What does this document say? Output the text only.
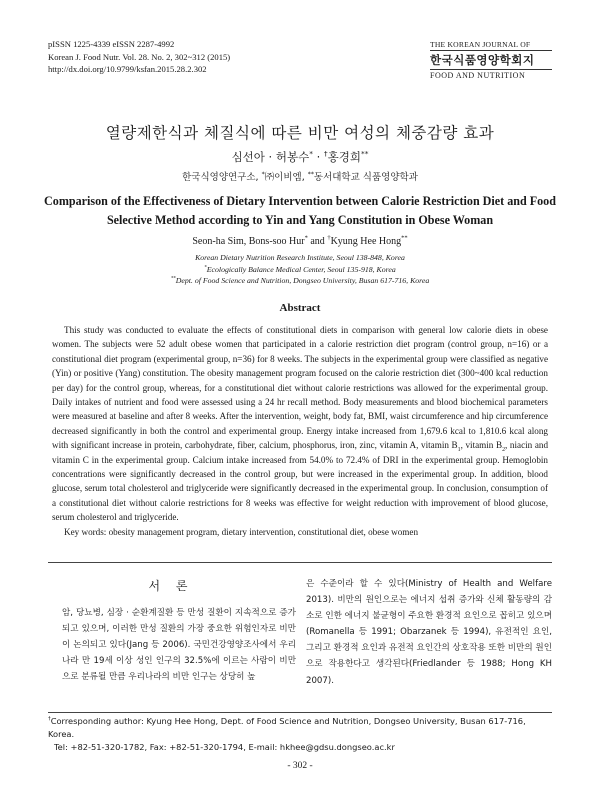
pISSN 1225-4339 eISSN 2287-4992
Korean J. Food Nutr. Vol. 28. No. 2, 302~312 (2015)
http://dx.doi.org/10.9799/ksfan.2015.28.2.302
THE KOREAN JOURNAL OF
한국식품영양학회지
FOOD AND NUTRITION
열량제한식과 체질식에 따른 비만 여성의 체중감량 효과
심선아 · 허봉수* · †홍경희**
한국식영양연구소, *㈜이비엠, **동서대학교 식품영양학과
Comparison of the Effectiveness of Dietary Intervention between Calorie Restriction Diet and Food Selective Method according to Yin and Yang Constitution in Obese Woman
Seon-ha Sim, Bons-soo Hur* and †Kyung Hee Hong**
Korean Dietary Nutrition Research Institute, Seoul 138-848, Korea
*Ecologically Balance Medical Center, Seoul 135-918, Korea
**Dept. of Food Science and Nutrition, Dongseo University, Busan 617-716, Korea
Abstract

This study was conducted to evaluate the effects of constitutional diets in comparison with general low calorie diets in obese women. The subjects were 52 adult obese women that participated in a calorie restriction diet program (control group, n=16) or a constitutional diet program (experimental group, n=36) for 8 weeks. The subjects in the experimental group were classified as negative (Yin) or positive (Yang) constitution. The obesity management program focused on the calorie restriction diet (300~400 kcal reduction per day) for the control group, whereas, for a constitutional diet without calorie restrictions was allowed for the experimental group. Daily intakes of nutrient and food were assessed using a 24 hr recall method. Body measurements and blood biochemical parameters were measured at baseline and after 8 weeks. After the intervention, weight, body fat, BMI, waist circumference and hip circumference decreased significantly in both the control and experimental group. Energy intake increased from 1,679.6 kcal to 1,810.6 kcal along with significant increase in protein, carbohydrate, fiber, calcium, phosphorus, iron, zinc, vitamin A, vitamin $B_1$, vitamin $B_2$, niacin and vitamin C in the experimental group. Calcium intake increased from 54.0% to 72.4% of DRI in the experimental group. Hemoglobin concentrations were significantly decreased in the control group, but were increased in the experimental group. In addition, blood glucose, serum total cholesterol and triglyceride were significantly decreased in the experimental group. In conclusion, consumption of a constitutional diet without calorie restrictions for 8 weeks was effective for weight reduction with improvement of blood glucose, serum cholesterol and triglyceride.

Key words: obesity management program, dietary intervention, constitutional diet, obese women
서 론

암, 당뇨병, 심장 · 순환계질환 등 만성 질환이 지속적으로 증가되고 있으며, 이러한 만성 질환의 가장 중요한 위험인자로 비만이 논의되고 있다(Jang 등 2006). 국민건강영양조사에서 우리나라 만 19세 이상 성인 인구의 32.5%에 이르는 사람이 비만으로 분류될 만큼 우리나라의 비만 인구는 상당히 높

은 수준이라 할 수 있다(Ministry of Health and Welfare 2013). 비만의 원인으로는 에너지 섭취 증가와 신체 활동량의 감소로 인한 에너지 불균형이 주요한 환경적 요인으로 꼽히고 있으며(Romanella 등 1991; Obarzanek 등 1994), 유전적인 요인, 그리고 환경적 요인과 유전적 요인간의 상호작용 또한 비만의 원인으로 작용한다고 생각된다(Friedlander 등 1988; Hong KH 2007).

†Corresponding author: Kyung Hee Hong, Dept. of Food Science and Nutrition, Dongseo University, Busan 617-716, Korea.
Tel: +82-51-320-1782, Fax: +82-51-320-1794, E-mail: hkhee@gdsu.dongseo.ac.kr
- 302 -
